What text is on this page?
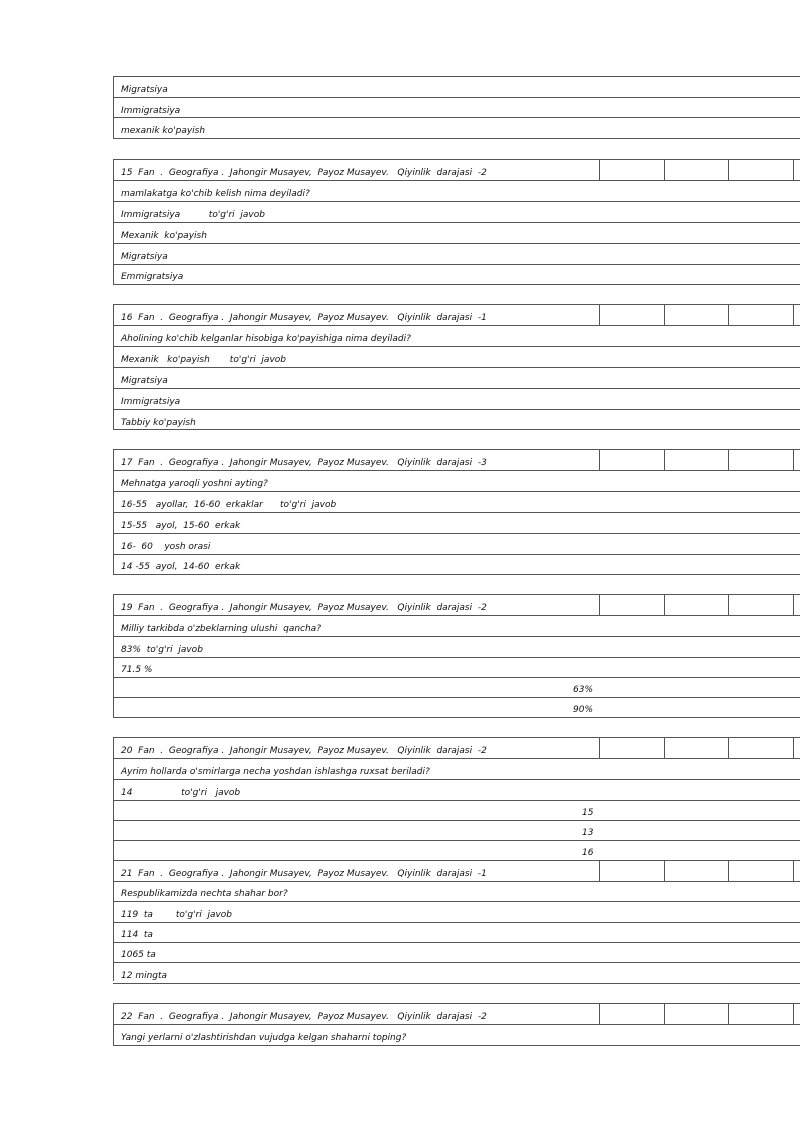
Migratsiya
Immigratsiya
mexanik ko'payish
15  Fan  .  Geografiya .  Jahongir Musayev,  Payoz Musayev.   Qiyinlik  darajasi  -2
mamlakatga ko'chib kelish nima deyiladi?
Immigratsiya          to'g'ri  javob
Mexanik  ko'payish
Migratsiya
Emmigratsiya
16  Fan  .  Geografiya .  Jahongir Musayev,  Payoz Musayev.   Qiyinlik  darajasi  -1
Aholining ko'chib kelganlar hisobiga ko'payishiga nima deyiladi?
Mexanik   ko'payish       to'g'ri  javob
Migratsiya
Immigratsiya
Tabbiy ko'payish
17  Fan  .  Geografiya .  Jahongir Musayev,  Payoz Musayev.   Qiyinlik  darajasi  -3
Mehnatga yaroqli yoshni ayting?
16-55   ayollar,  16-60  erkaklar      to'g'ri  javob
15-55   ayol,  15-60  erkak
16-  60    yosh orasi
14 -55  ayol,  14-60  erkak
19  Fan  .  Geografiya .  Jahongir Musayev,  Payoz Musayev.   Qiyinlik  darajasi  -2
Milliy tarkibda o'zbeklarning ulushi  qancha?
83%  to'g'ri  javob
71.5 %
63%
90%
20  Fan  .  Geografiya .  Jahongir Musayev,  Payoz Musayev.   Qiyinlik  darajasi  -2
Ayrim hollarda o'smirlarga necha yoshdan ishlashga ruxsat beriladi?
14                 to'g'ri   javob
15
13
16
21  Fan  .  Geografiya .  Jahongir Musayev,  Payoz Musayev.   Qiyinlik  darajasi  -1
Respublikamizda nechta shahar bor?
119  ta        to'g'ri  javob
114  ta
1065 ta
12 mingta
22  Fan  .  Geografiya .  Jahongir Musayev,  Payoz Musayev.   Qiyinlik  darajasi  -2
Yangi yerlarni o'zlashtirishdan vujudga kelgan shaharni toping?
